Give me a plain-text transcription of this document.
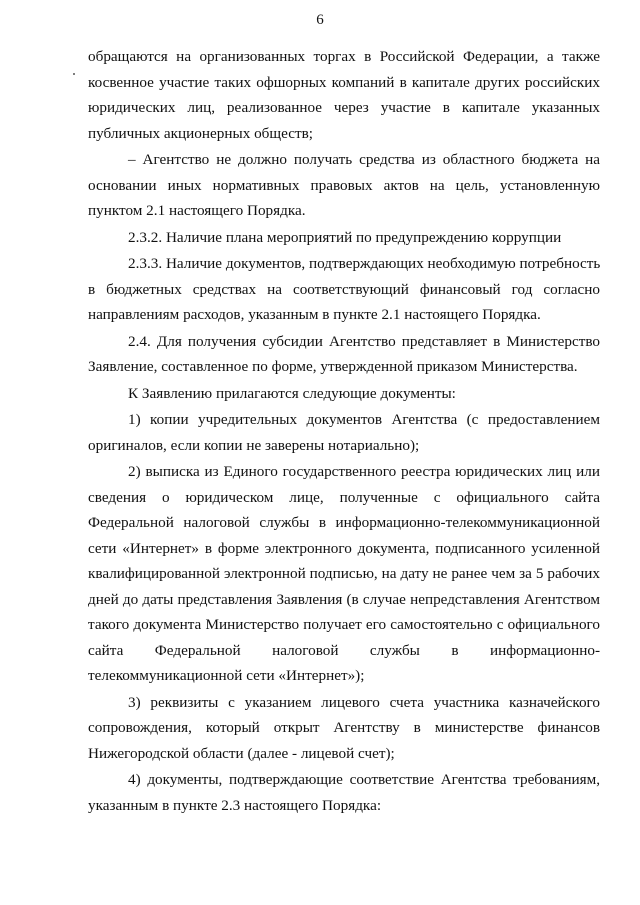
6

обращаются на организованных торгах в Российской Федерации, а также
косвенное участие таких офшорных компаний в капитале других российских
юридических лиц, реализованное через участие в капитале указанных
публичных акционерных обществ;

– Агентство не должно получать средства из областного бюджета на
основании иных нормативных правовых актов на цель, установленную
пунктом 2.1 настоящего Порядка.

2.3.2. Наличие плана мероприятий по предупреждению коррупции

2.3.3. Наличие документов, подтверждающих необходимую потребность
в бюджетных средствах на соответствующий финансовый год согласно
направлениям расходов, указанным в пункте 2.1 настоящего Порядка.

2.4. Для получения субсидии Агентство представляет в Министерство
Заявление, составленное по форме, утвержденной приказом Министерства.

К Заявлению прилагаются следующие документы:

1) копии учредительных документов Агентства (с предоставлением
оригиналов, если копии не заверены нотариально);

2) выписка из Единого государственного реестра юридических лиц или
сведения о юридическом лице, полученные с официального сайта
Федеральной налоговой службы в информационно-телекоммуникационной
сети «Интернет» в форме электронного документа, подписанного усиленной
квалифицированной электронной подписью, на дату не ранее чем за 5 рабочих
дней до даты представления Заявления (в случае непредставления Агентством
такого документа Министерство получает его самостоятельно с официального
сайта Федеральной налоговой службы в информационно-
телекоммуникационной сети «Интернет»);

3) реквизиты с указанием лицевого счета участника казначейского
сопровождения, который открыт Агентству в министерстве финансов
Нижегородской области (далее - лицевой счет);

4) документы, подтверждающие соответствие Агентства требованиям,
указанным в пункте 2.3 настоящего Порядка:
